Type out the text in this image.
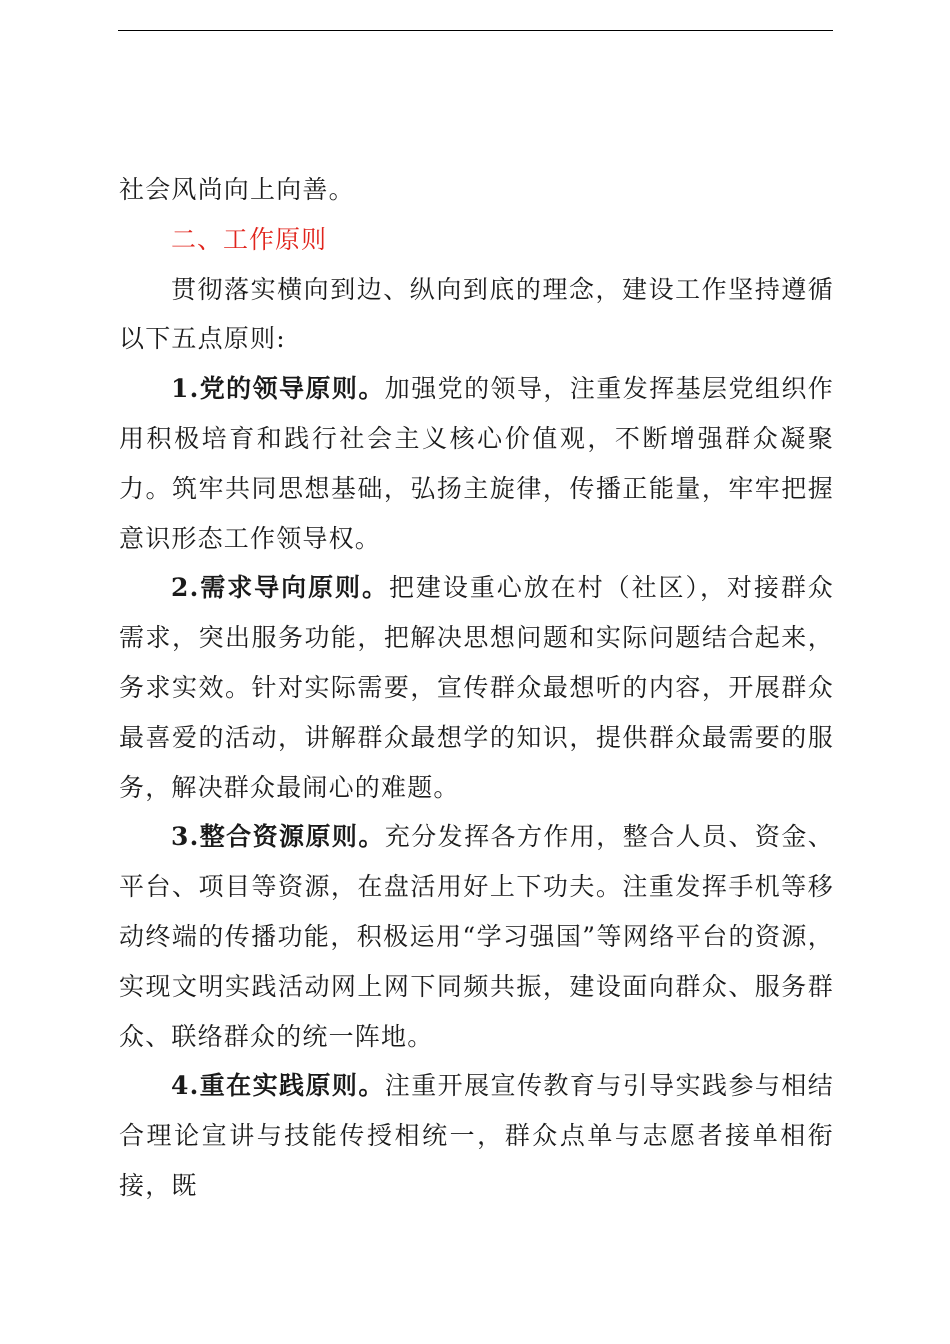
社会风尚向上向善。

二、工作原则

贯彻落实横向到边、纵向到底的理念，建设工作坚持遵循以下五点原则:

1.党的领导原则。加强党的领导，注重发挥基层党组织作用积极培育和践行社会主义核心价值观，不断增强群众凝聚力。筑牢共同思想基础，弘扬主旋律，传播正能量，牢牢把握意识形态工作领导权。

2.需求导向原则。把建设重心放在村（社区），对接群众需求，突出服务功能，把解决思想问题和实际问题结合起来，务求实效。针对实际需要，宣传群众最想听的内容，开展群众最喜爱的活动，讲解群众最想学的知识，提供群众最需要的服务，解决群众最闹心的难题。

3.整合资源原则。充分发挥各方作用，整合人员、资金、平台、项目等资源，在盘活用好上下功夫。注重发挥手机等移动终端的传播功能，积极运用“学习强国”等网络平台的资源，实现文明实践活动网上网下同频共振，建设面向群众、服务群众、联络群众的统一阵地。

4.重在实践原则。注重开展宣传教育与引导实践参与相结合理论宣讲与技能传授相统一，群众点单与志愿者接单相衔接，既
